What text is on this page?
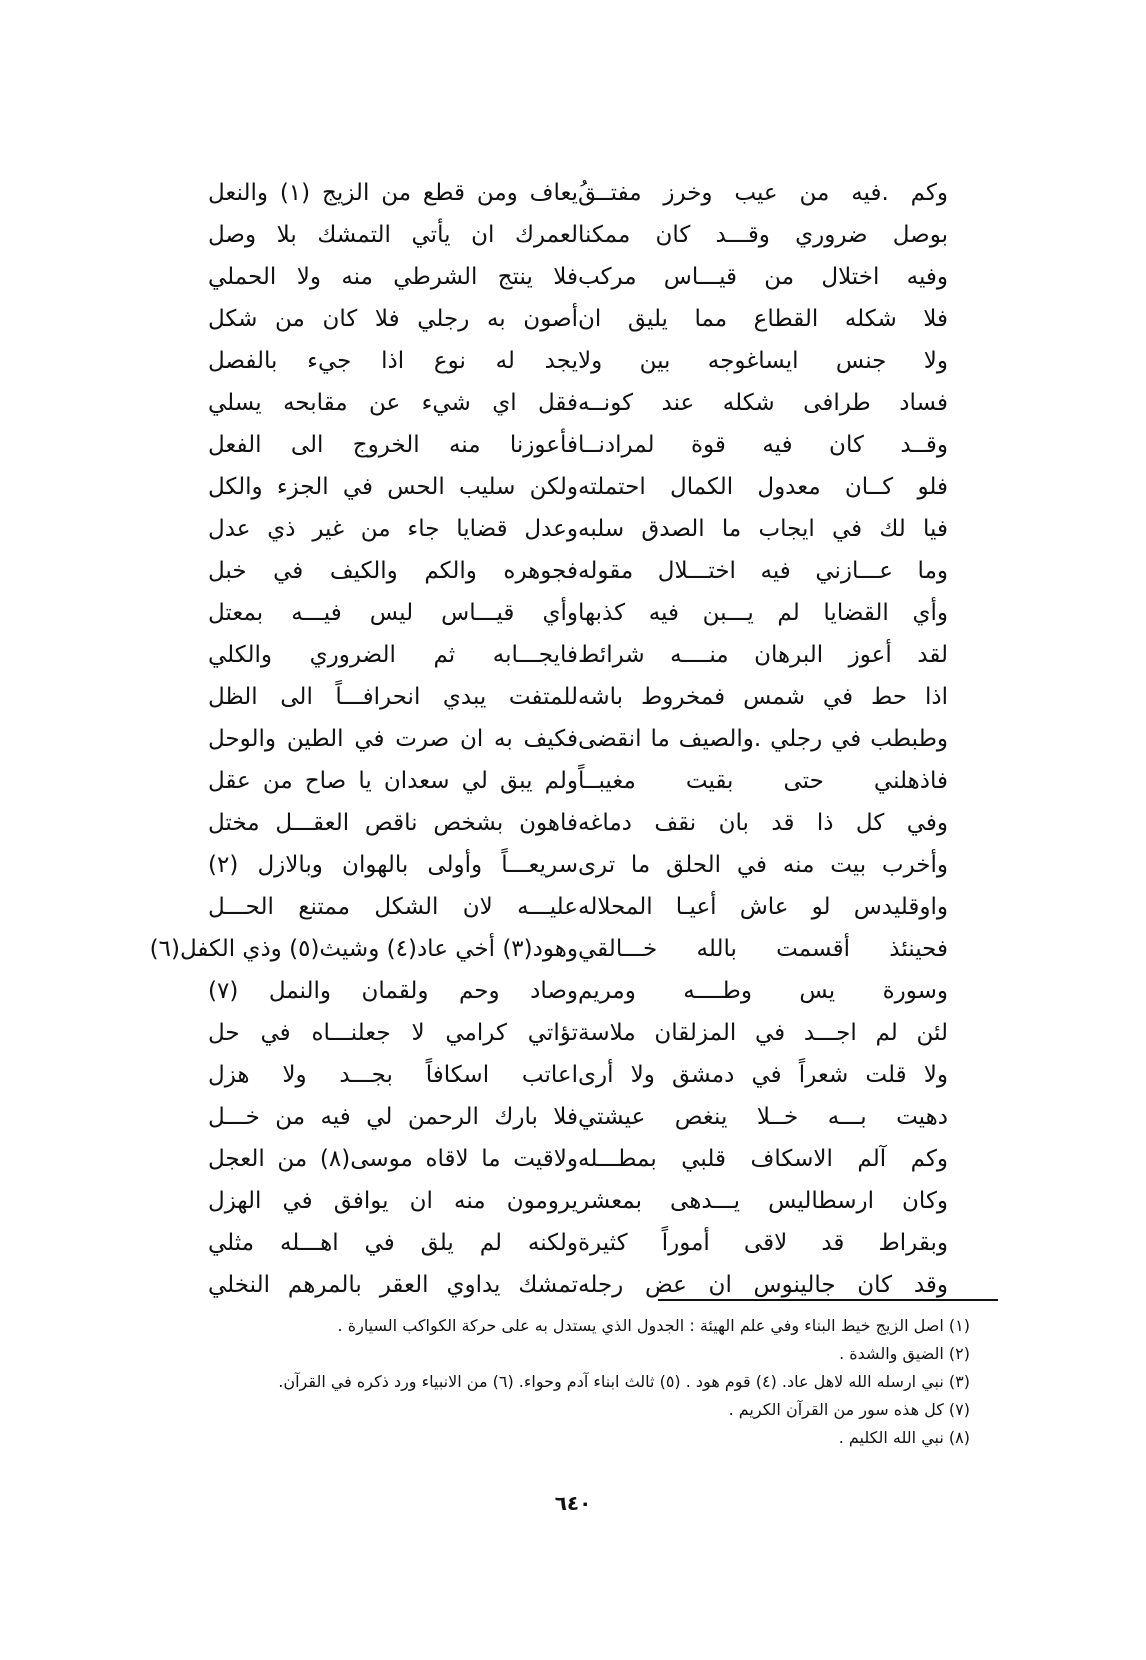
وكم .فيه من عيب وخرز مفتــق
بوصل ضروري وقـــد كان ممكنا
وفيه اختلال من قيـــاس مركب
فلا شكله القطاع مما يليق ان
ولا جنس ايساغوجه بين ولا
فساد طرافى شكله عند كونــه
وقــد كان فيه قوة لمرادنــا
فلو كــان معدول الكمال احتملته
فيا لك في ايجاب ما الصدق سلبه
وما عـــازني فيه اختـــلال مقوله
وأي القضايا لم يـــبن فيه كذبها
لقد أعوز البرهان منــــه شرائط
اذا حط في شمس فمخروط باشه
وطبطب في رجلي .والصيف ما انقضى
فاذهلني حتى بقيت مغيبــاً
وفي كل ذا قد بان نقف دماغه
وأخرب بيت منه في الحلق ما ترى
واوقليدس لو عاش أعيـا المحلاله
فحينئذ أقسمت بالله خـــالقي
وسورة يس وطــــه ومريم
لئن لم اجـــد في المزلقان ملاسة
ولا قلت شعراً في دمشق ولا أرى
دهيت بـــه خــلا ينغص عيشتي
وكم آلم الاسكاف قلبي بمطـــله
وكان ارسطاليس يـــدهى بمعشر
وبقراط قد لاقى أموراً كثيرة
وقد كان جالينوس ان عض رجله
ُيعاف ومن قطع من الزيج (١) والنعل
لعمرك ان يأتي التمشك بلا وصل
فلا ينتج الشرطي منه ولا الحملي
أصون به رجلي فلا كان من شكل
يجد له نوع اذا جيء بالفصل
فقل اي شيء عن مقابحه يسلي
فأعوزنا منه الخروج الى الفعل
ولكن سليب الحس في الجزء والكل
وعدل قضايا جاء من غير ذي عدل
فجوهره والكم والكيف في خبل
وأي قيـــاس ليس فيـــه بمعتل
فايجـــابه ثم الضروري والكلي
للمتفت يبدي انحرافـــاً الى الظل
فكيف به ان صرت في الطين والوحل
ولم يبق لي سعدان يا صاح من عقل
فاهون بشخص ناقص العقـــل مختل
سريعـــاً وأولى بالهوان وبالازل (٢)
عليـــه لان الشكل ممتنع الحـــل
وهود(٣) أخي عاد(٤) وشيث(٥) وذي الكفل(٦)
وصاد وحم ولقمان والنمل (٧)
تؤاتي كرامي لا جعلنـــاه في حل
اعاتب اسكافاً بجـــد ولا هزل
فلا بارك الرحمن لي فيه من خـــل
ولاقيت ما لاقاه موسى(٨) من العجل
يرومون منه ان يوافق في الهزل
ولكنه لم يلق في اهـــله مثلي
تمشك يداوي العقر بالمرهم النخلي
(١) اصل الزيج خيط البناء وفي علم الهيئة : الجدول الذي يستدل به على حركة الكواكب السيارة .
(٢) الضيق والشدة .
(٣) نبي ارسله الله لاهل عاد. (٤) قوم هود . (٥) ثالث ابناء آدم وحواء. (٦) من الانبياء ورد ذكره في القرآن.
(٧) كل هذه سور من القرآن الكريم .
(٨) نبي الله الكليم .
٦٤٠
